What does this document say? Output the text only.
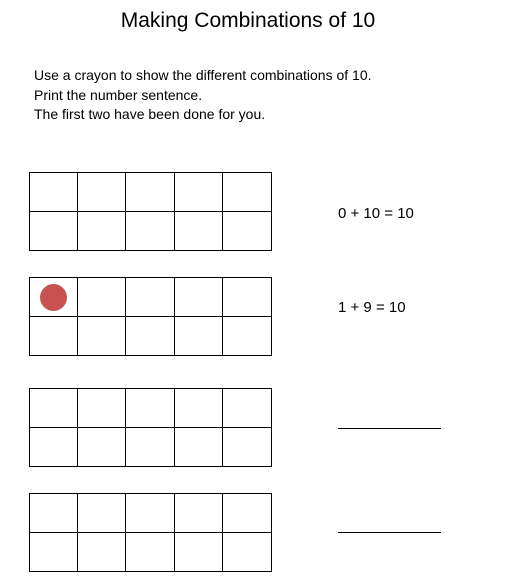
Making Combinations of 10
Use a crayon to show the different combinations of 10.
Print the number sentence.
The first two have been done for you.
0 + 10 = 10
1 + 9 = 10
